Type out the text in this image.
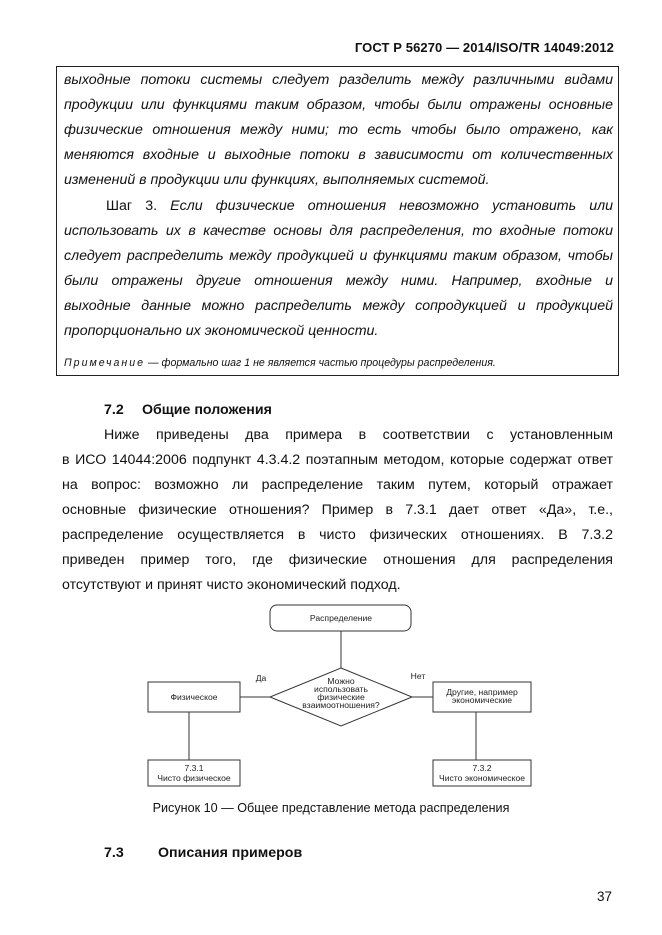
ГОСТ Р 56270 — 2014/ISO/TR 14049:2012
выходные потоки системы следует разделить между различными видами
продукции или функциями таким образом, чтобы были отражены основные
физические отношения между ними; то есть чтобы было отражено, как
меняются входные и выходные потоки в зависимости от количественных
изменений в продукции или функциях, выполняемых системой.
Шаг 3. Если физические отношения невозможно установить или
использовать их в качестве основы для распределения, то входные потоки
следует распределить между продукцией и функциями таким образом, чтобы
были отражены другие отношения между ними. Например, входные и
выходные данные можно распределить между сопродукцией и продукцией
пропорционально их экономической ценности.
Примечание — формально шаг 1 не является частью процедуры распределения.
7.2 Общие положения
Ниже приведены два примера в соответствии с установленным
в ИСО 14044:2006 подпункт 4.3.4.2 поэтапным методом, которые содержат ответ
на вопрос: возможно ли распределение таким путем, который отражает
основные физические отношения? Пример в 7.3.1 дает ответ «Да», т.е.,
распределение осуществляется в чисто физических отношениях. В 7.3.2
приведен пример того, где физические отношения для распределения
отсутствуют и принят чисто экономический подход.
Распределение
Можно
использовать
физические
взаимоотношения?
Да	Нет
Физическое	Другие, например
экономические
7.3.1
Чисто физическое
7.3.2
Чисто экономическое
Рисунок 10 — Общее представление метода распределения
7.3 Описания примеров
37
